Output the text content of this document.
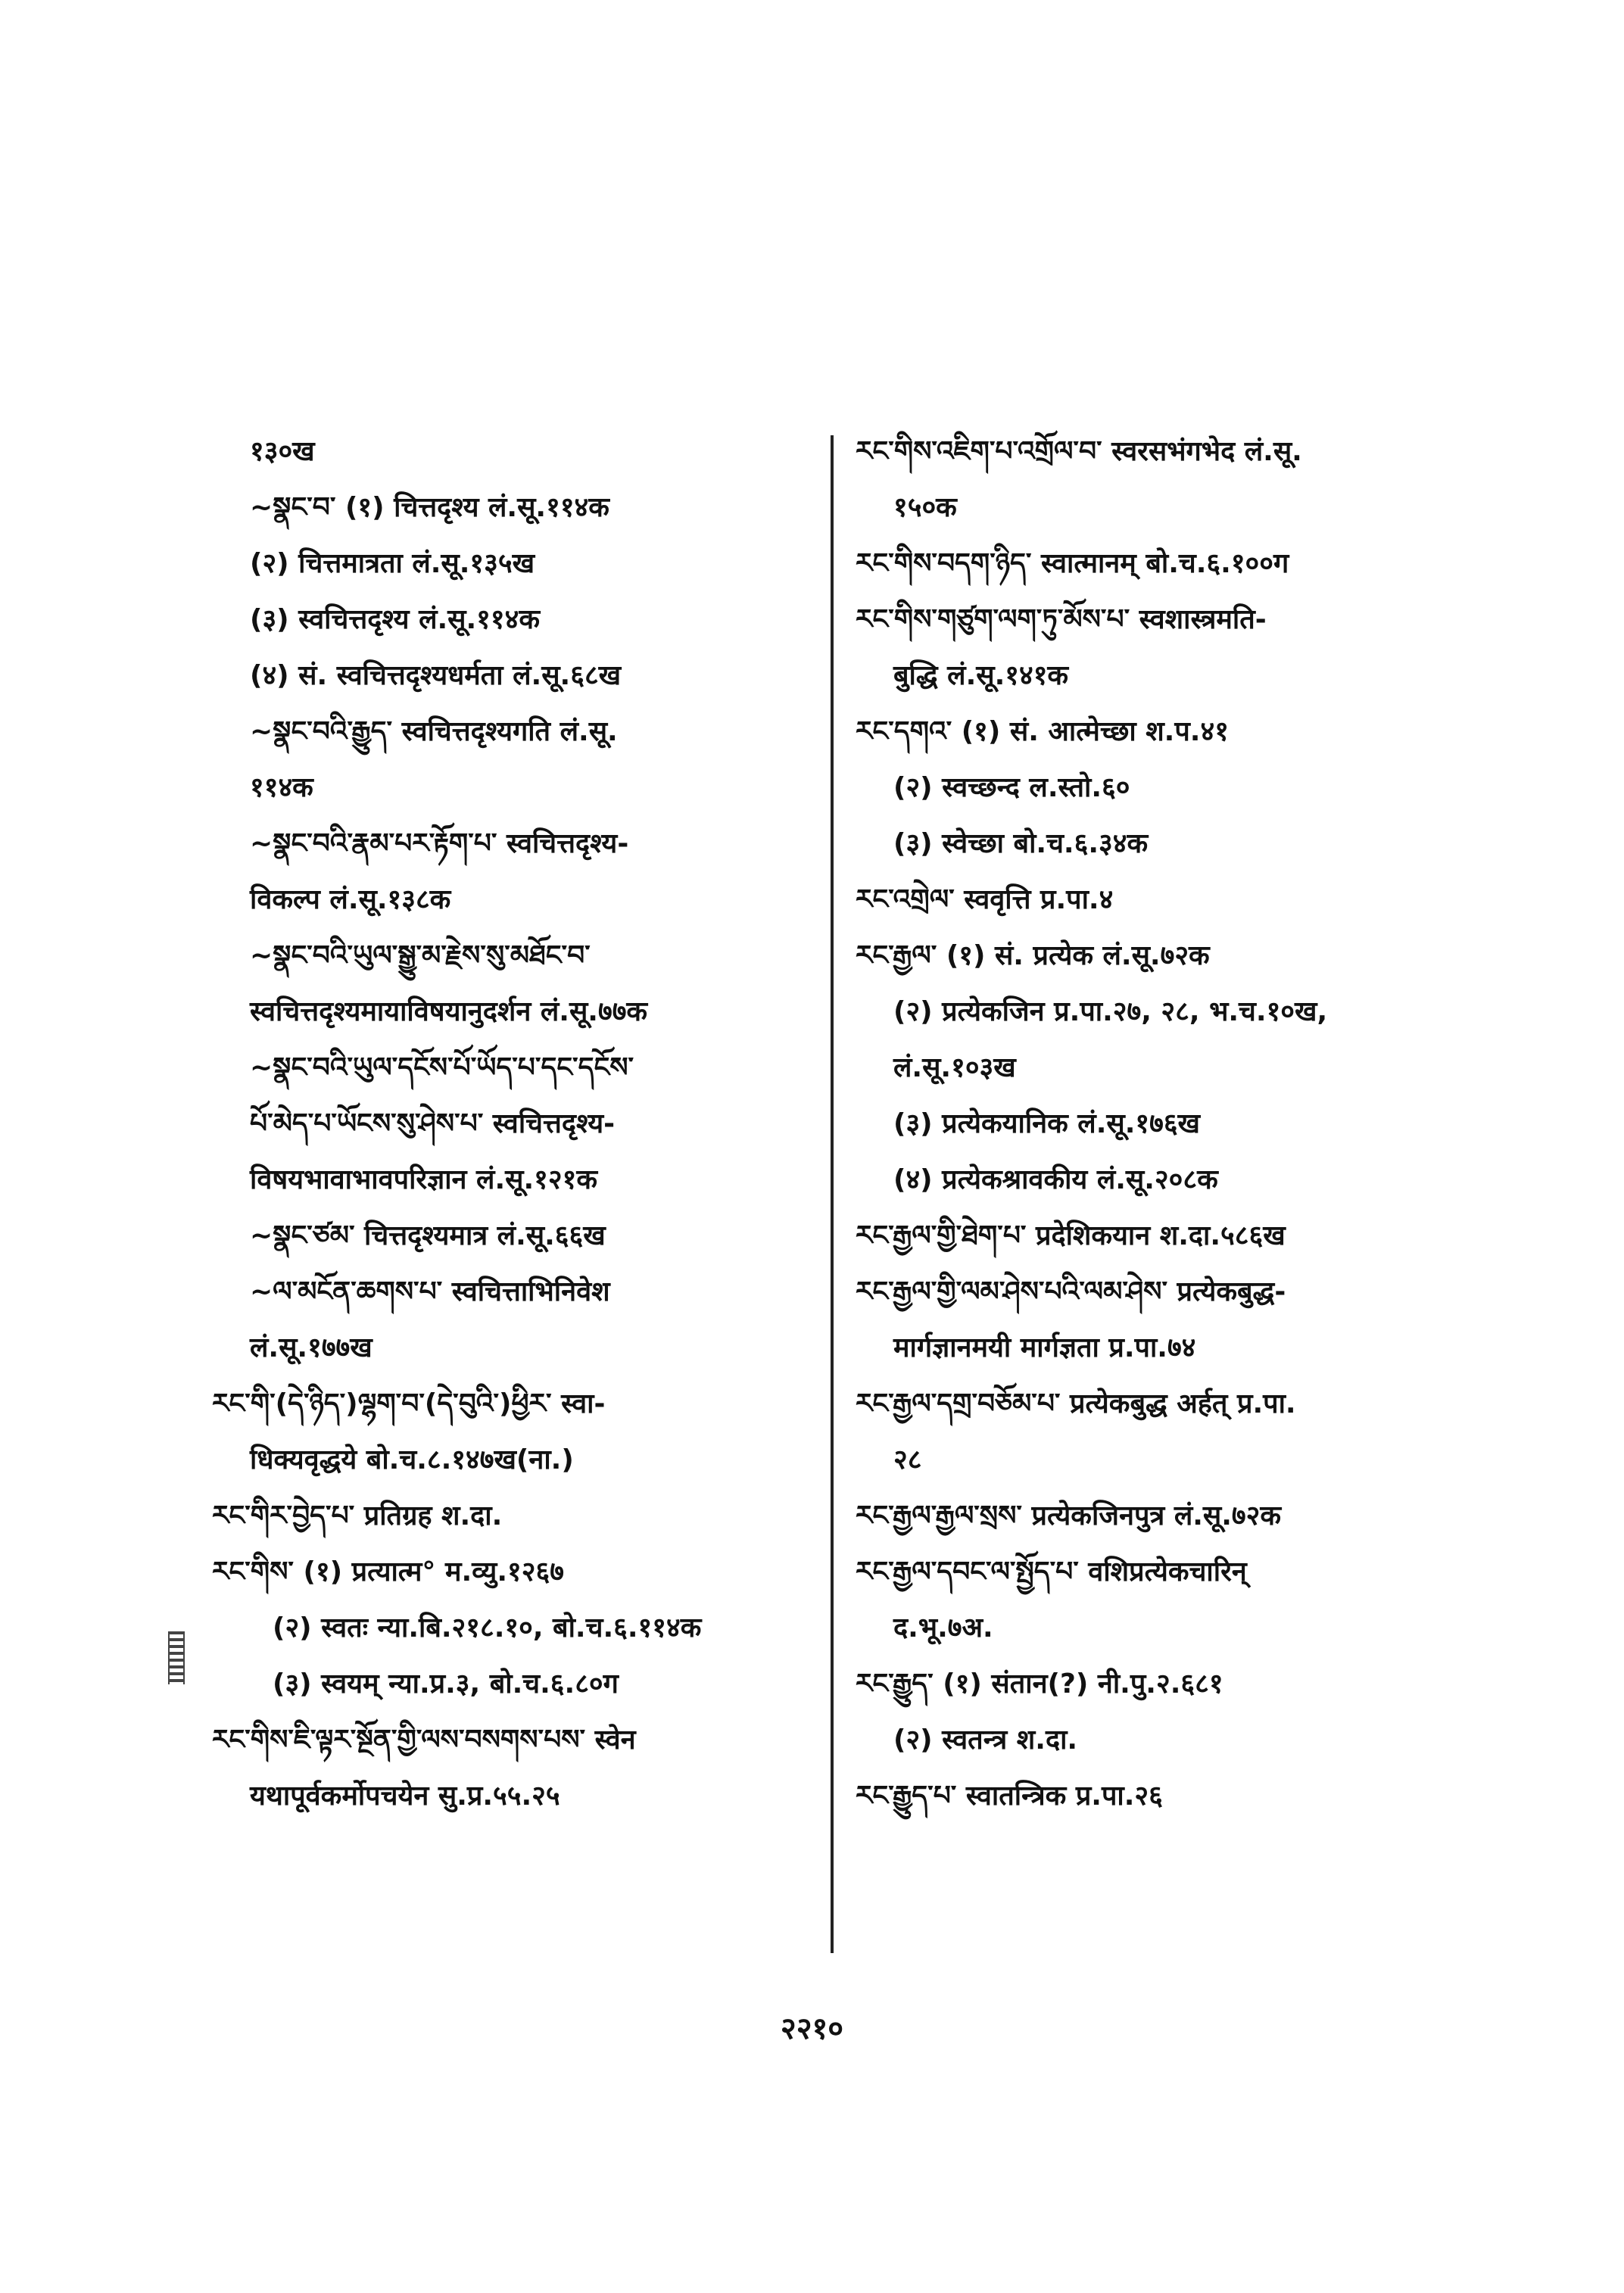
१३०ख
~སྣང་བ་ (१) चित्तदृश्य लं.सू.११४क
(२) चित्तमात्रता लं.सू.१३५ख
(३) स्वचित्तदृश्य लं.सू.११४क
(४) सं. स्वचित्तदृश्यधर्मता लं.सू.६८ख
~སྣང་བའི་རྒྱུད་ स्वचित्तदृश्यगति लं.सू.
११४क
~སྣང་བའི་རྣམ་པར་རྟོག་པ་ स्वचित्तदृश्य-
विकल्प लं.सू.१३८क
~སྣང་བའི་ཡུལ་སྒྱུ་མ་རྗེས་སུ་མཐོང་བ་
स्वचित्तदृश्यमायाविषयानुदर्शन लं.सू.७७क
~སྣང་བའི་ཡུལ་དངོས་པོ་ཡོད་པ་དང་དངོས་
པོ་མེད་པ་ཡོངས་སུ་ཤེས་པ་ स्वचित्तदृश्य-
विषयभावाभावपरिज्ञान लं.सू.१२१क
~སྣང་ཙམ་ चित्तदृश्यमात्र लं.सू.६६ख
~ལ་མངོན་ཆགས་པ་ स्वचित्ताभिनिवेश
लं.सू.१७७ख
རང་གི་(དེ་ཉིད་)ལྷག་བ་(དེ་བུའི་)ཕྱིར་ स्वा-
धिक्यवृद्धये बो.च.८.१४७ख(ना.)
རང་གིར་བྱེད་པ་ प्रतिग्रह श.दा.
རང་གིས་ (१) प्रत्यात्म° म.व्यु.१२६७
(२) स्वतः न्या.बि.२१८.१०, बो.च.६.११४क
(३) स्वयम् न्या.प्र.३, बो.च.६.८०ग
རང་གིས་ཇི་ལྟར་སྔོན་གྱི་ལས་བསགས་པས་ स्वेन
यथापूर्वकर्मोपचयेन सु.प्र.५५.२५
རང་གིས་འཇིག་པ་འགྲོལ་བ་ स्वरसभंगभेद लं.सू.
१५०क
རང་གིས་བདག་ཉིད་ स्वात्मानम् बो.च.६.१००ग
རང་གིས་གཙུག་ལག་ཏུ་མོས་པ་ स्वशास्त्रमति-
बुद्धि लं.सू.१४१क
རང་དགའ་ (१) सं. आत्मेच्छा श.प.४१
(२) स्वच्छन्द ल.स्तो.६०
(३) स्वेच्छा बो.च.६.३४क
རང་འགྲེལ་ स्ववृत्ति प्र.पा.४
རང་རྒྱལ་ (१) सं. प्रत्येक लं.सू.७२क
(२) प्रत्येकजिन प्र.पा.२७, २८, भ.च.१०ख,
लं.सू.१०३ख
(३) प्रत्येकयानिक लं.सू.१७६ख
(४) प्रत्येकश्रावकीय लं.सू.२०८क
རང་རྒྱལ་གྱི་ཐེག་པ་ प्रदेशिकयान श.दा.५८६ख
རང་རྒྱལ་གྱི་ལམ་ཤེས་པའི་ལམ་ཤེས་ प्रत्येकबुद्ध-
मार्गज्ञानमयी मार्गज्ञता प्र.पा.७४
རང་རྒྱལ་དགྲ་བཅོམ་པ་ प्रत्येकबुद्ध अर्हत् प्र.पा.
२८
རང་རྒྱལ་རྒྱལ་སྲས་ प्रत्येकजिनपुत्र लं.सू.७२क
རང་རྒྱལ་དབང་ལ་སྤྱོད་པ་ वशिप्रत्येकचारिन्
द.भू.७अ.
རང་རྒྱུད་ (१) संतान(?) नी.पु.२.६८१
(२) स्वतन्त्र श.दा.
རང་རྒྱུད་པ་ स्वातन्त्रिक प्र.पा.२६
२२१०
